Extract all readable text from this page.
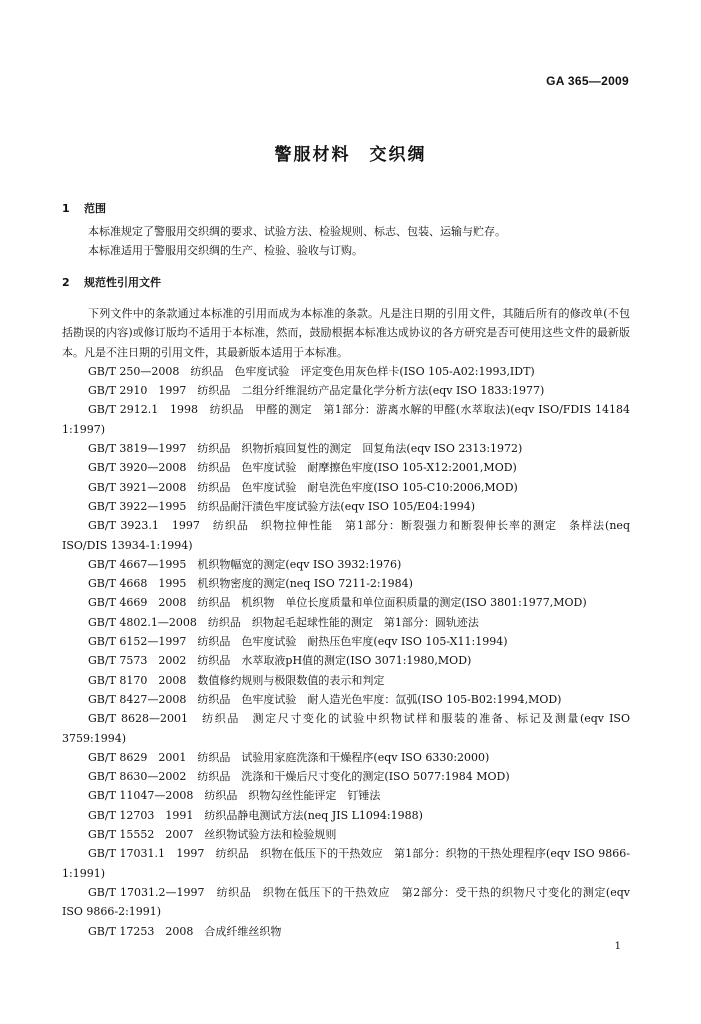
GA 365—2009
警服材料　交织绸
1 范围

本标准规定了警服用交织绸的要求、试验方法、检验规则、标志、包装、运输与贮存。

本标准适用于警服用交织绸的生产、检验、验收与订购。

2 规范性引用文件

下列文件中的条款通过本标准的引用而成为本标准的条款。凡是注日期的引用文件，其随后所有的修改单(不包括勘误的内容)或修订版均不适用于本标准，然而，鼓励根据本标准达成协议的各方研究是否可使用这些文件的最新版本。凡是不注日期的引用文件，其最新版本适用于本标准。

GB/T 250—2008　纺织品　色牢度试验　评定变色用灰色样卡(ISO 105-A02:1993,IDT)

GB/T 2910　1997　纺织品　二组分纤维混纺产品定量化学分析方法(eqv ISO 1833:1977)

GB/T 2912.1　1998　纺织品　甲醛的测定　第1部分：游离水解的甲醛(水萃取法)(eqv ISO/FDIS 14184 1:1997)

GB/T 3819—1997　纺织品　织物折痕回复性的测定　回复角法(eqv ISO 2313:1972)

GB/T 3920—2008　纺织品　色牢度试验　耐摩擦色牢度(ISO 105-X12:2001,MOD)

GB/T 3921—2008　纺织品　色牢度试验　耐皂洗色牢度(ISO 105-C10:2006,MOD)

GB/T 3922—1995　纺织品耐汗渍色牢度试验方法(eqv ISO 105/E04:1994)

GB/T 3923.1　1997　纺织品　织物拉伸性能　第1部分：断裂强力和断裂伸长率的测定　条样法(neq ISO/DIS 13934-1:1994)

GB/T 4667—1995　机织物幅宽的测定(eqv ISO 3932:1976)

GB/T 4668　1995　机织物密度的测定(neq ISO 7211-2:1984)

GB/T 4669　2008　纺织品　机织物　单位长度质量和单位面积质量的测定(ISO 3801:1977,MOD)

GB/T 4802.1—2008　纺织品　织物起毛起球性能的测定　第1部分：圆轨迹法

GB/T 6152—1997　纺织品　色牢度试验　耐热压色牢度(eqv ISO 105-X11:1994)

GB/T 7573　2002　纺织品　水萃取液pH值的测定(ISO 3071:1980,MOD)

GB/T 8170　2008　数值修约规则与极限数值的表示和判定

GB/T 8427—2008　纺织品　色牢度试验　耐人造光色牢度：氙弧(ISO 105-B02:1994,MOD)

GB/T 8628—2001　纺织品　测定尺寸变化的试验中织物试样和服装的准备、标记及测量(eqv ISO 3759:1994)

GB/T 8629　2001　纺织品　试验用家庭洗涤和干燥程序(eqv ISO 6330:2000)

GB/T 8630—2002　纺织品　洗涤和干燥后尺寸变化的测定(ISO 5077:1984 MOD)

GB/T 11047—2008　纺织品　织物勾丝性能评定　钉锤法

GB/T 12703　1991　纺织品静电测试方法(neq JIS L1094:1988)

GB/T 15552　2007　丝织物试验方法和检验规则

GB/T 17031.1　1997　纺织品　织物在低压下的干热效应　第1部分：织物的干热处理程序(eqv ISO 9866-1:1991)

GB/T 17031.2—1997　纺织品　织物在低压下的干热效应　第2部分：受干热的织物尺寸变化的测定(eqv ISO 9866-2:1991)

GB/T 17253　2008　合成纤维丝织物

1
